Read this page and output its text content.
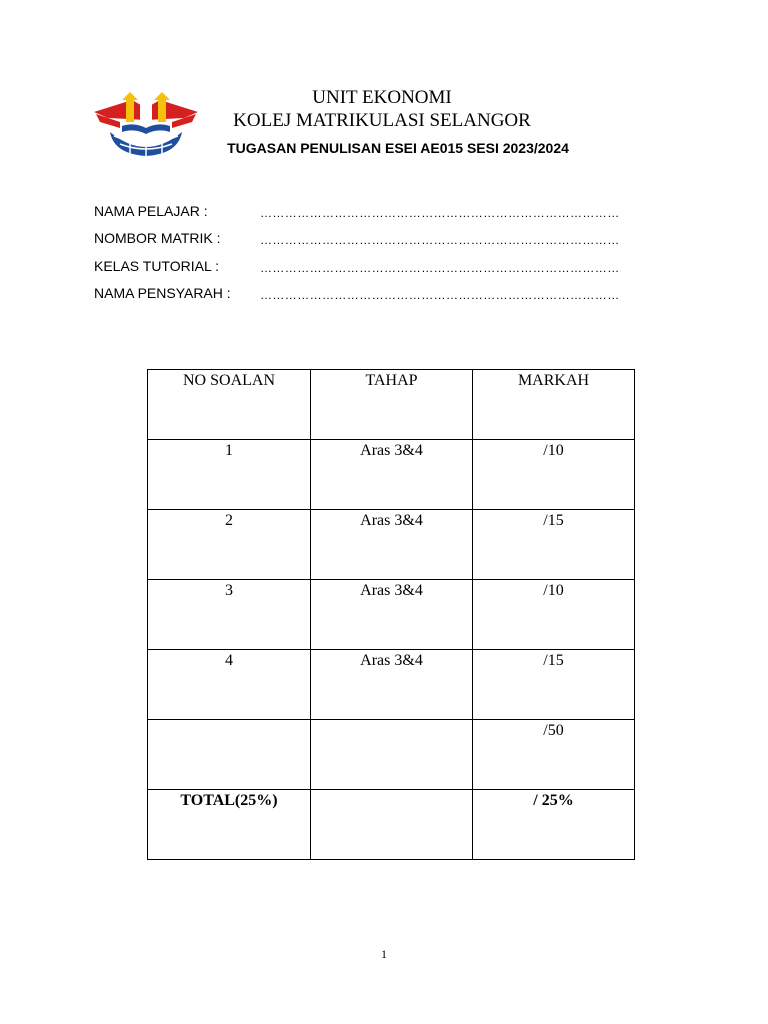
UNIT EKONOMI
KOLEJ MATRIKULASI SELANGOR
TUGASAN PENULISAN ESEI AE015 SESI 2023/2024
NAMA PELAJAR :	……………………………………………………………………………
NOMBOR MATRIK :	……………………………………………………………………………
KELAS TUTORIAL :	……………………………………………………………………………
NAMA PENSYARAH : ……………………………………………………………………………
NO SOALAN	TAHAP	MARKAH
1	Aras 3&4	/10
2	Aras 3&4	/15
3	Aras 3&4	/10
4	Aras 3&4	/15
		/50
TOTAL(25%)		/ 25%
1
